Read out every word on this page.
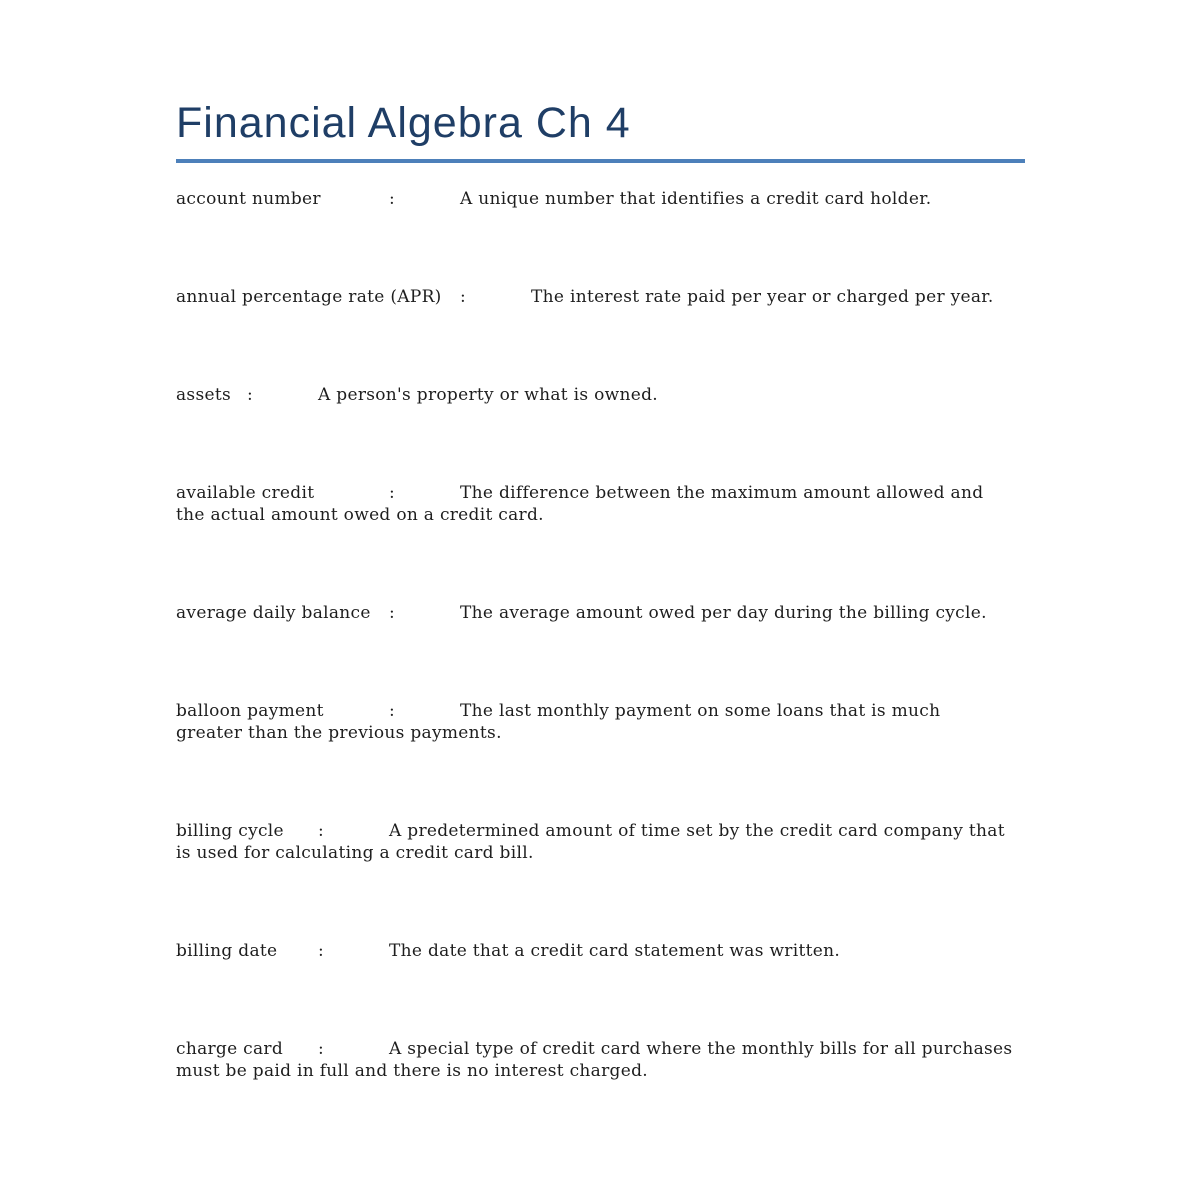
Financial Algebra Ch 4
account number	:	A unique number that identifies a credit card holder.
annual percentage rate (APR) :	The interest rate paid per year or charged per year.
assets :	A person's property or what is owned.
available credit	:	The difference between the maximum amount allowed and
the actual amount owed on a credit card.
average daily balance :	The average amount owed per day during the billing cycle.
balloon payment	:	The last monthly payment on some loans that is much
greater than the previous payments.
billing cycle :	A predetermined amount of time set by the credit card company that
is used for calculating a credit card bill.
billing date :	The date that a credit card statement was written.
charge card :	A special type of credit card where the monthly bills for all purchases
must be paid in full and there is no interest charged.
